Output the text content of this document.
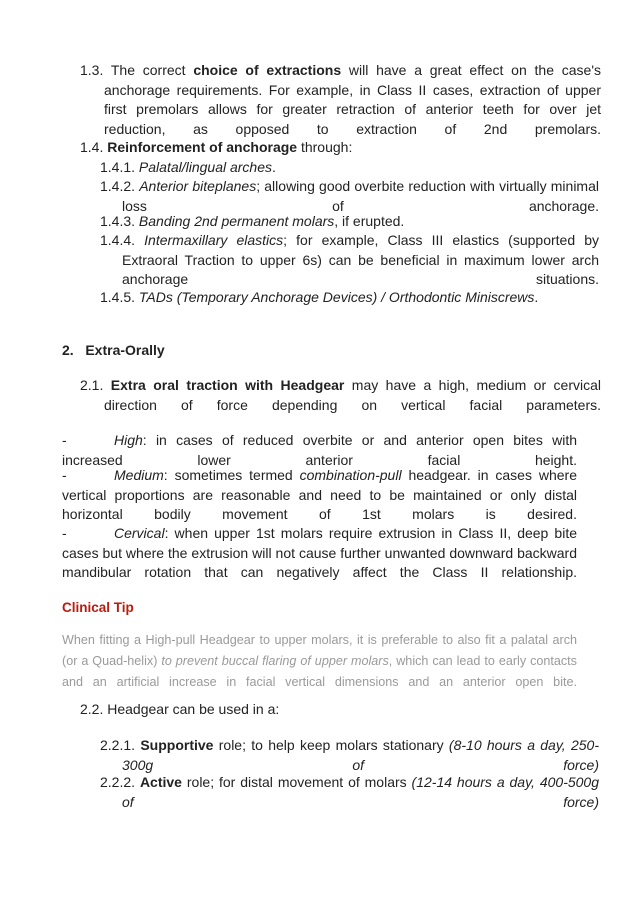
1.3. The correct choice of extractions will have a great effect on the case's anchorage requirements. For example, in Class II cases, extraction of upper first premolars allows for greater retraction of anterior teeth for over jet reduction, as opposed to extraction of 2nd premolars.
1.4. Reinforcement of anchorage through:
1.4.1. Palatal/lingual arches.
1.4.2. Anterior biteplanes; allowing good overbite reduction with virtually minimal loss of anchorage.
1.4.3. Banding 2nd permanent molars, if erupted.
1.4.4. Intermaxillary elastics; for example, Class III elastics (supported by Extraoral Traction to upper 6s) can be beneficial in maximum lower arch anchorage situations.
1.4.5. TADs (Temporary Anchorage Devices) / Orthodontic Miniscrews.
2.   Extra-Orally
2.1. Extra oral traction with Headgear may have a high, medium or cervical direction of force depending on vertical facial parameters.
-	High: in cases of reduced overbite or and anterior open bites with increased lower anterior facial height.
-	Medium: sometimes termed combination-pull headgear. in cases where vertical proportions are reasonable and need to be maintained or only distal horizontal bodily movement of 1st molars is desired.
-	Cervical: when upper 1st molars require extrusion in Class II, deep bite cases but where the extrusion will not cause further unwanted downward backward mandibular rotation that can negatively affect the Class II relationship.
Clinical Tip
When fitting a High-pull Headgear to upper molars, it is preferable to also fit a palatal arch (or a Quad-helix) to prevent buccal flaring of upper molars, which can lead to early contacts and an artificial increase in facial vertical dimensions and an anterior open bite.
2.2. Headgear can be used in a:
2.2.1. Supportive role; to help keep molars stationary (8-10 hours a day, 250-300g of force)
2.2.2. Active role; for distal movement of molars (12-14 hours a day, 400-500g of force)
